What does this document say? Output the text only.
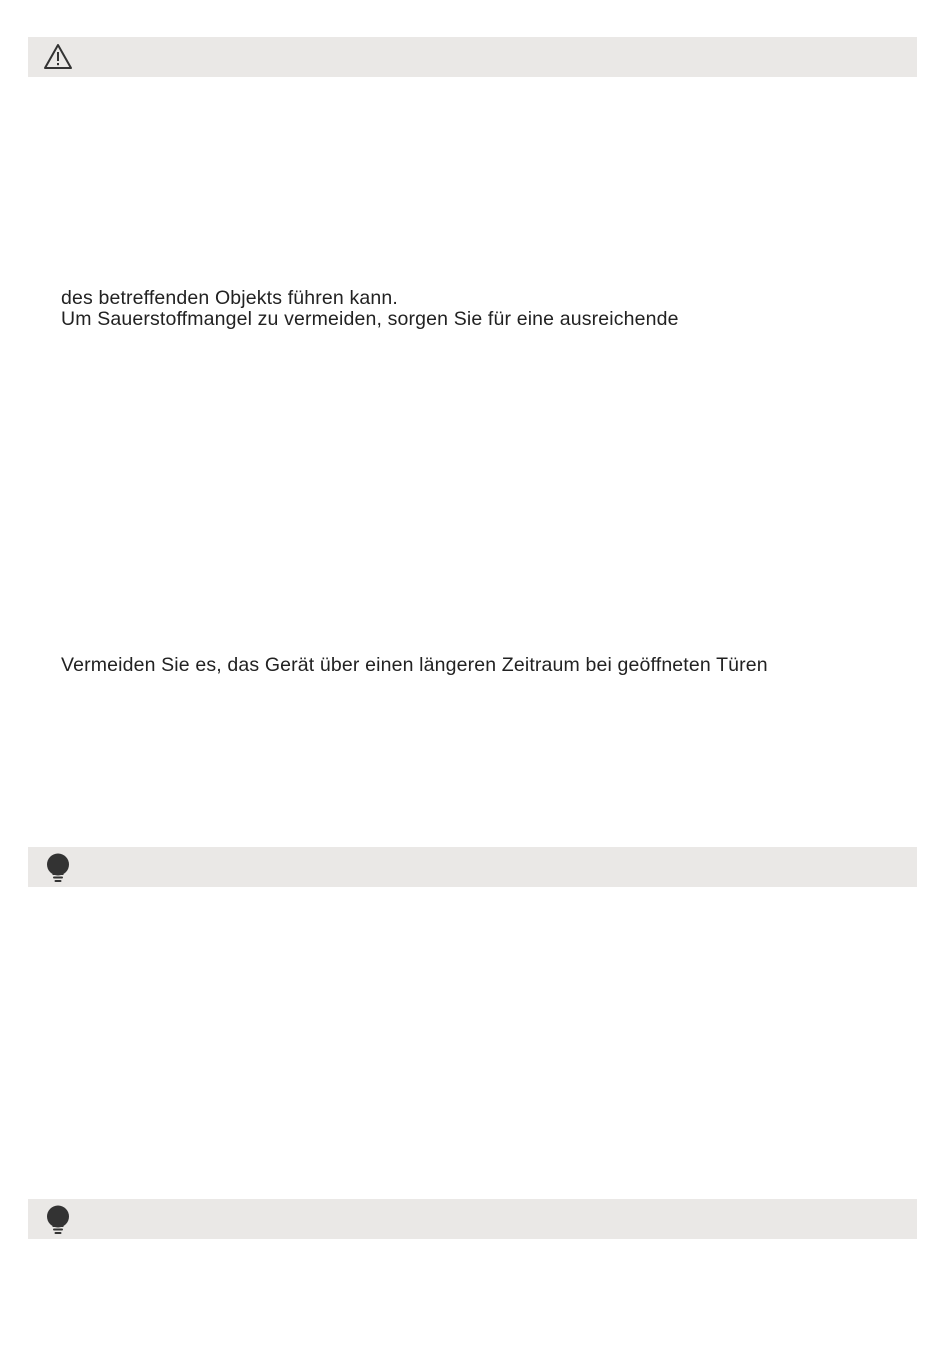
des betreffenden Objekts führen kann.
Um Sauerstoffmangel zu vermeiden, sorgen Sie für eine ausreichende
Vermeiden Sie es, das Gerät über einen längeren Zeitraum bei geöffneten Türen
